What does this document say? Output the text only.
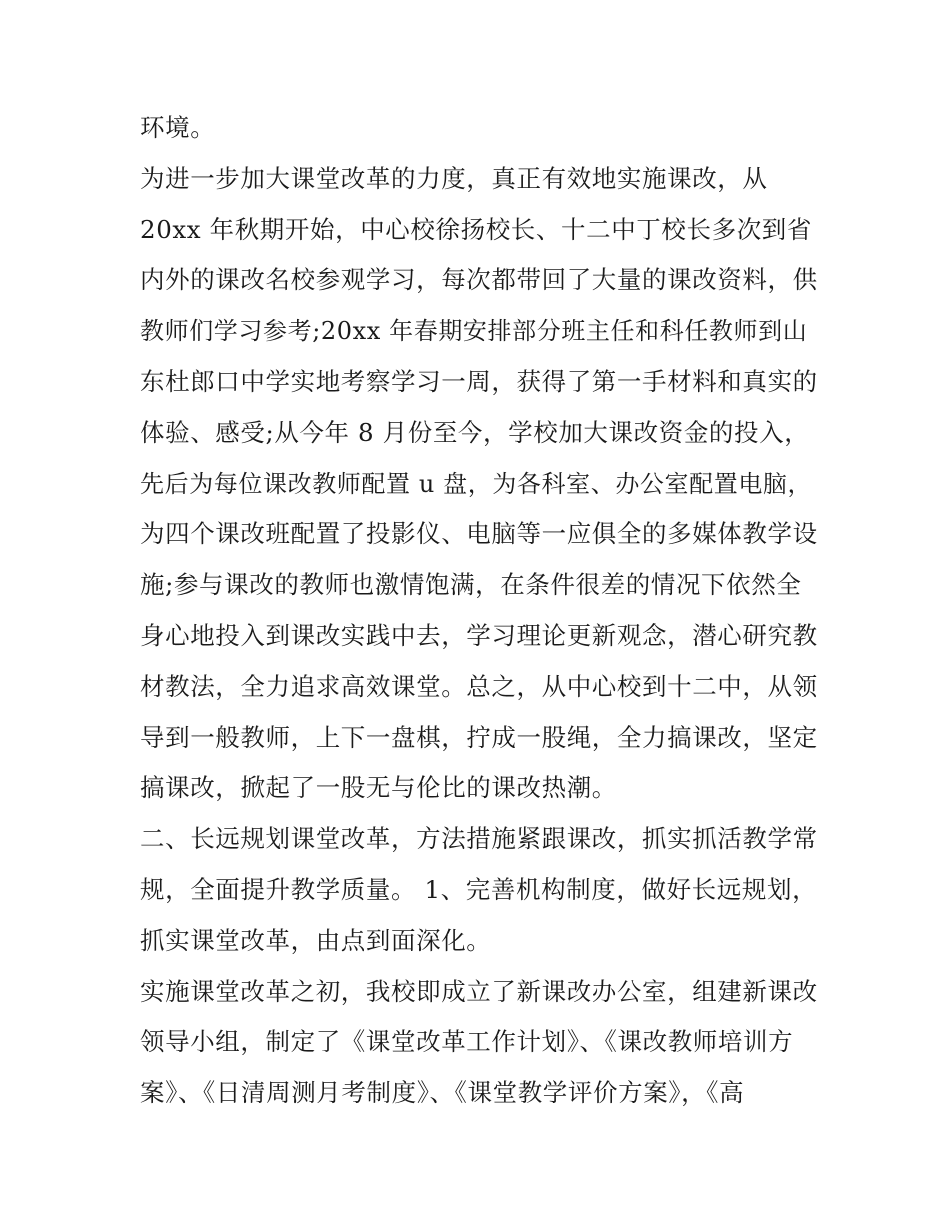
环境。
为进一步加大课堂改革的力度，真正有效地实施课改，从
20xx 年秋期开始，中心校徐扬校长、十二中丁校长多次到省
内外的课改名校参观学习，每次都带回了大量的课改资料，供
教师们学习参考;20xx 年春期安排部分班主任和科任教师到山
东杜郎口中学实地考察学习一周，获得了第一手材料和真实的
体验、感受;从今年 8 月份至今，学校加大课改资金的投入，
先后为每位课改教师配置 u 盘，为各科室、办公室配置电脑，
为四个课改班配置了投影仪、电脑等一应俱全的多媒体教学设
施;参与课改的教师也激情饱满，在条件很差的情况下依然全
身心地投入到课改实践中去，学习理论更新观念，潜心研究教
材教法，全力追求高效课堂。总之，从中心校到十二中，从领
导到一般教师，上下一盘棋，拧成一股绳，全力搞课改，坚定
搞课改，掀起了一股无与伦比的课改热潮。
二、长远规划课堂改革，方法措施紧跟课改，抓实抓活教学常
规，全面提升教学质量。 1、完善机构制度，做好长远规划，
抓实课堂改革，由点到面深化。
实施课堂改革之初，我校即成立了新课改办公室，组建新课改
领导小组，制定了《课堂改革工作计划》、《课改教师培训方
案》、《日清周测月考制度》、《课堂教学评价方案》，《高
